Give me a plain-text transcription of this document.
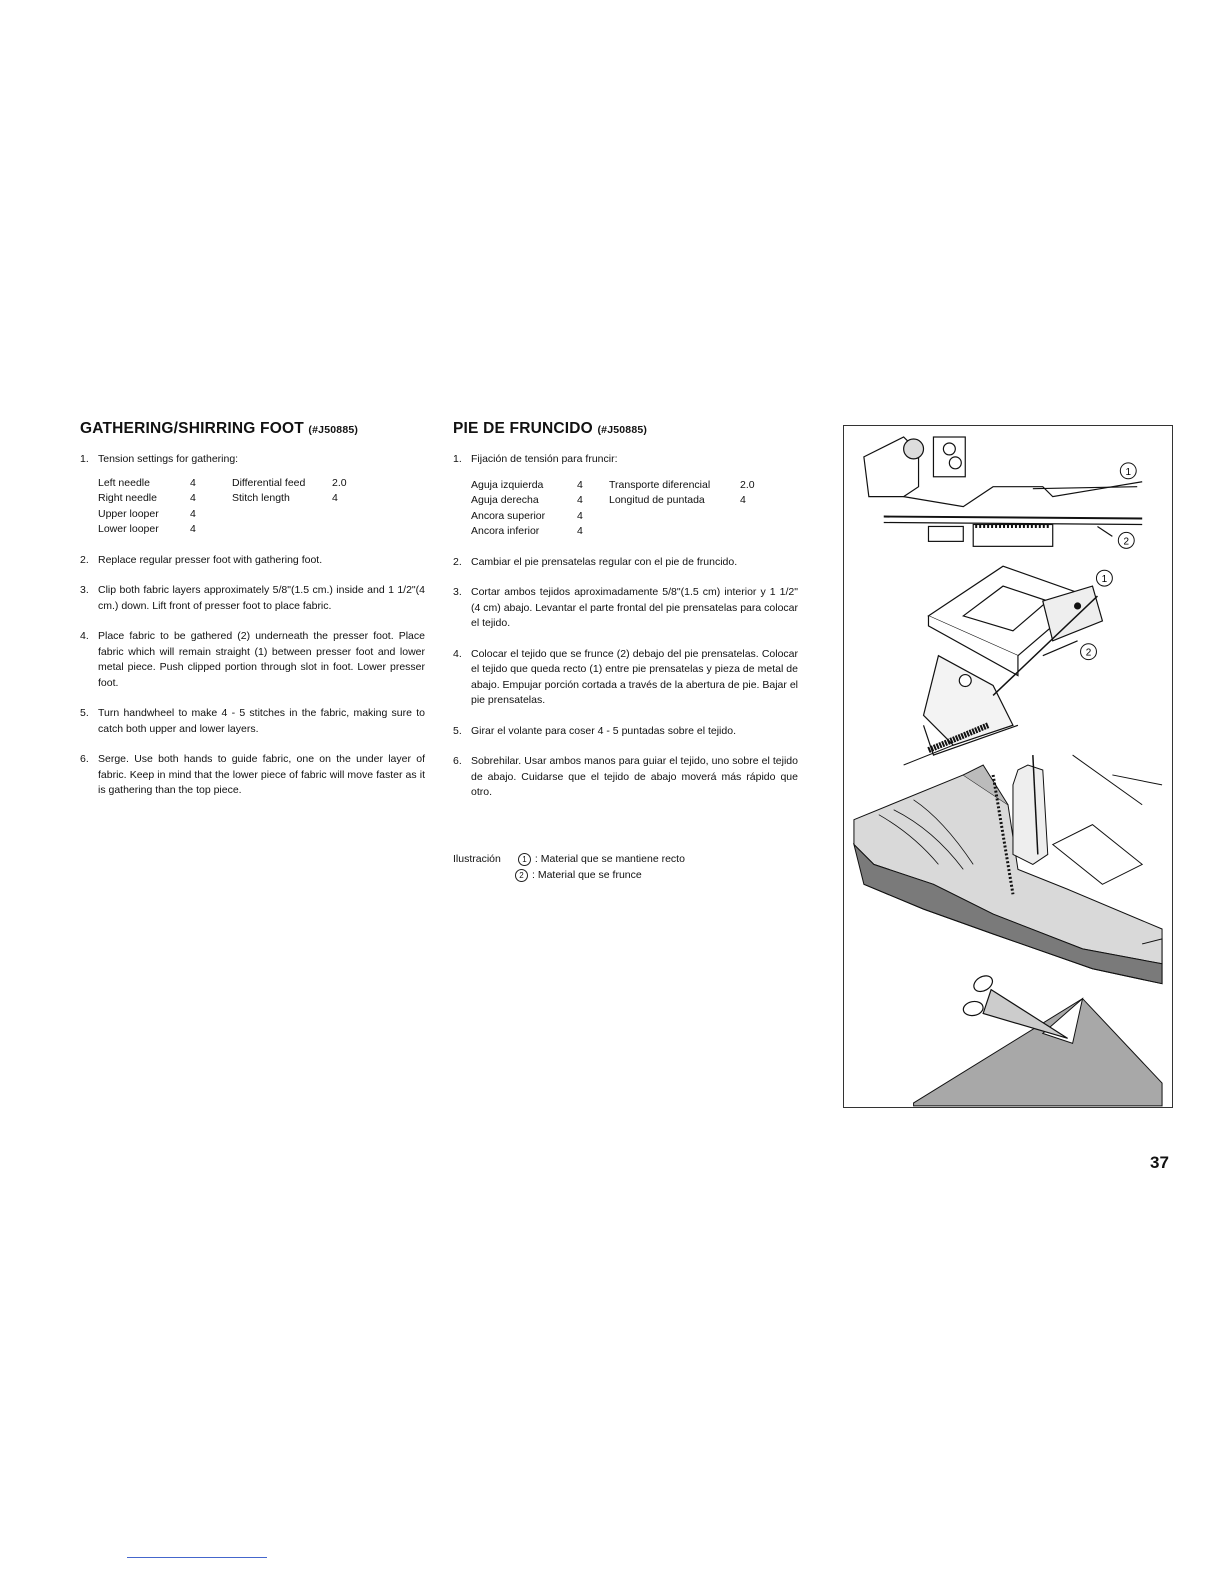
GATHERING/SHIRRING FOOT (#J50885)
1. Tension settings for gathering:
Left needle	4	Differential feed	2.0
Right needle	4	Stitch length	4
Upper looper	4
Lower looper	4
2. Replace regular presser foot with gathering foot.
3. Clip both fabric layers approximately 5/8"(1.5 cm.) inside and 1 1/2"(4 cm.) down. Lift front of presser foot to place fabric.
4. Place fabric to be gathered (2) underneath the presser foot. Place fabric which will remain straight (1) between presser foot and lower metal piece. Push clipped portion through slot in foot. Lower presser foot.
5. Turn handwheel to make 4 - 5 stitches in the fabric, making sure to catch both upper and lower layers.
6. Serge. Use both hands to guide fabric, one on the under layer of fabric. Keep in mind that the lower piece of fabric will move faster as it is gathering than the top piece.
PIE DE FRUNCIDO (#J50885)
1. Fijación de tensión para fruncir:
Aguja izquierda	4	Transporte diferencial	2.0
Aguja derecha	4	Longitud de puntada	4
Ancora superior	4
Ancora inferior	4
2. Cambiar el pie prensatelas regular con el pie de fruncido.
3. Cortar ambos tejidos aproximadamente 5/8"(1.5 cm) interior y 1 1/2" (4 cm) abajo. Levantar el parte frontal del pie prensatelas para colocar el tejido.
4. Colocar el tejido que se frunce (2) debajo del pie prensatelas. Colocar el tejido que queda recto (1) entre pie prensatelas y pieza de metal de abajo. Empujar porción cortada a través de la abertura de pie. Bajar el pie prensatelas.
5. Girar el volante para coser 4 - 5 puntadas sobre el tejido.
6. Sobrehilar. Usar ambos manos para guiar el tejido, uno sobre el tejido de abajo. Cuidarse que el tejido de abajo moverá más rápido que otro.
Ilustración	1 : Material que se mantiene recto
2 : Material que se frunce
1
2
1
2
37
